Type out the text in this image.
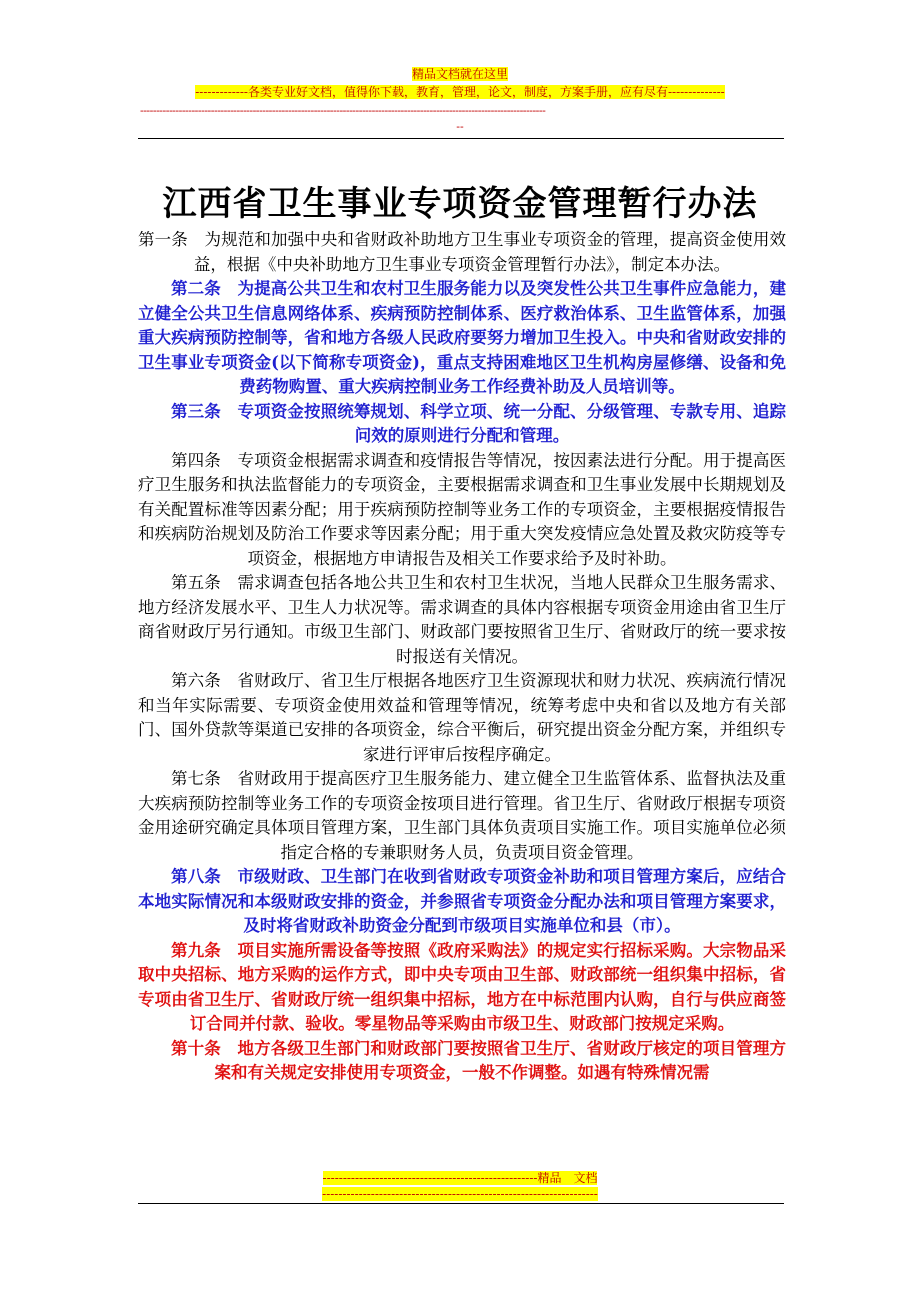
精品文档就在这里
-------------各类专业好文档，值得你下载，教育，管理，论文，制度，方案手册，应有尽有--------------
------------------------------------------------------------------------------------------------------------------------------
--
江西省卫生事业专项资金管理暂行办法

第一条　为规范和加强中央和省财政补助地方卫生事业专项资金的管理，提高资金使用效益，根据《中央补助地方卫生事业专项资金管理暂行办法》，制定本办法。

第二条　为提高公共卫生和农村卫生服务能力以及突发性公共卫生事件应急能力，建立健全公共卫生信息网络体系、疾病预防控制体系、医疗救治体系、卫生监管体系，加强重大疾病预防控制等，省和地方各级人民政府要努力增加卫生投入。中央和省财政安排的卫生事业专项资金(以下简称专项资金)，重点支持困难地区卫生机构房屋修缮、设备和免费药物购置、重大疾病控制业务工作经费补助及人员培训等。

第三条　专项资金按照统筹规划、科学立项、统一分配、分级管理、专款专用、追踪问效的原则进行分配和管理。

第四条　专项资金根据需求调查和疫情报告等情况，按因素法进行分配。用于提高医疗卫生服务和执法监督能力的专项资金，主要根据需求调查和卫生事业发展中长期规划及有关配置标准等因素分配；用于疾病预防控制等业务工作的专项资金，主要根据疫情报告和疾病防治规划及防治工作要求等因素分配；用于重大突发疫情应急处置及救灾防疫等专项资金，根据地方申请报告及相关工作要求给予及时补助。

第五条　需求调查包括各地公共卫生和农村卫生状况，当地人民群众卫生服务需求、地方经济发展水平、卫生人力状况等。需求调查的具体内容根据专项资金用途由省卫生厅商省财政厅另行通知。市级卫生部门、财政部门要按照省卫生厅、省财政厅的统一要求按时报送有关情况。

第六条　省财政厅、省卫生厅根据各地医疗卫生资源现状和财力状况、疾病流行情况和当年实际需要、专项资金使用效益和管理等情况，统筹考虑中央和省以及地方有关部门、国外贷款等渠道已安排的各项资金，综合平衡后，研究提出资金分配方案，并组织专家进行评审后按程序确定。

第七条　省财政用于提高医疗卫生服务能力、建立健全卫生监管体系、监督执法及重大疾病预防控制等业务工作的专项资金按项目进行管理。省卫生厅、省财政厅根据专项资金用途研究确定具体项目管理方案，卫生部门具体负责项目实施工作。项目实施单位必须指定合格的专兼职财务人员，负责项目资金管理。

第八条　市级财政、卫生部门在收到省财政专项资金补助和项目管理方案后，应结合本地实际情况和本级财政安排的资金，并参照省专项资金分配办法和项目管理方案要求，及时将省财政补助资金分配到市级项目实施单位和县（市）。

第九条　项目实施所需设备等按照《政府采购法》的规定实行招标采购。大宗物品采取中央招标、地方采购的运作方式，即中央专项由卫生部、财政部统一组织集中招标，省专项由省卫生厅、省财政厅统一组织集中招标，地方在中标范围内认购，自行与供应商签订合同并付款、验收。零星物品等采购由市级卫生、财政部门按规定采购。

第十条　地方各级卫生部门和财政部门要按照省卫生厅、省财政厅核定的项目管理方案和有关规定安排使用专项资金，一般不作调整。如遇有特殊情况需

-----------------------------------------------------精品　文档
--------------------------------------------------------------------
